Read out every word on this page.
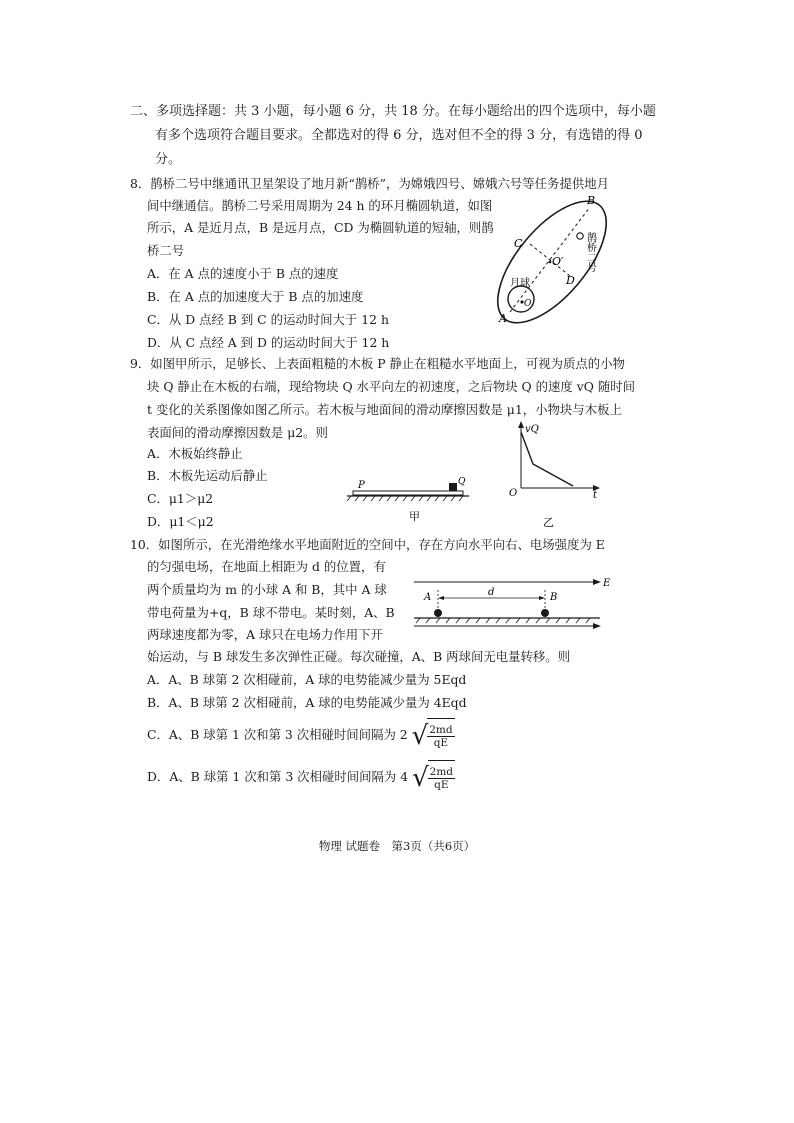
二、多项选择题：共 3 小题，每小题 6 分，共 18 分。在每小题给出的四个选项中，每小题
有多个选项符合题目要求。全都选对的得 6 分，选对但不全的得 3 分，有选错的得 0
分。
8．鹊桥二号中继通讯卫星架设了地月新“鹊桥”，为嫦娥四号、嫦娥六号等任务提供地月
间中继通信。鹊桥二号采用周期为 24 h 的环月椭圆轨道，如图
所示，A 是近月点，B 是远月点，CD 为椭圆轨道的短轴，则鹊
桥二号
A．在 A 点的速度小于 B 点的速度
B．在 A 点的加速度大于 B 点的加速度
C．从 D 点经 B 到 C 的运动时间大于 12 h
D．从 C 点经 A 到 D 的运动时间大于 12 h
B
C
D
A
O′
O
月球
鹊桥二号
9．如图甲所示，足够长、上表面粗糙的木板 P 静止在粗糙水平地面上，可视为质点的小物
块 Q 静止在木板的右端，现给物块 Q 水平向左的初速度，之后物块 Q 的速度 vQ 随时间
t 变化的关系图像如图乙所示。若木板与地面间的滑动摩擦因数是 μ1，小物块与木板上
表面间的滑动摩擦因数是 μ2。则
A．木板始终静止
B．木板先运动后静止
C．μ1＞μ2
D．μ1＜μ2
P	Q
甲
vQ
O	t
乙
10．如图所示，在光滑绝缘水平地面附近的空间中，存在方向水平向右、电场强度为 E
的匀强电场，在地面上相距为 d 的位置，有
两个质量均为 m 的小球 A 和 B，其中 A 球
带电荷量为+q，B 球不带电。某时刻，A、B
两球速度都为零，A 球只在电场力作用下开
始运动，与 B 球发生多次弹性正碰。每次碰撞，A、B 两球间无电量转移。则
A．A、B 球第 2 次相碰前，A 球的电势能减少量为 5Eqd
B．A、B 球第 2 次相碰前，A 球的电势能减少量为 4Eqd
C．A、B 球第 1 次和第 3 次相碰时间间隔为 2 √ $\frac{2md}{qE}$
D．A、B 球第 1 次和第 3 次相碰时间间隔为 4 √ $\frac{2md}{qE}$
E
d
A	B
物理 试题卷　第3页（共6页）
